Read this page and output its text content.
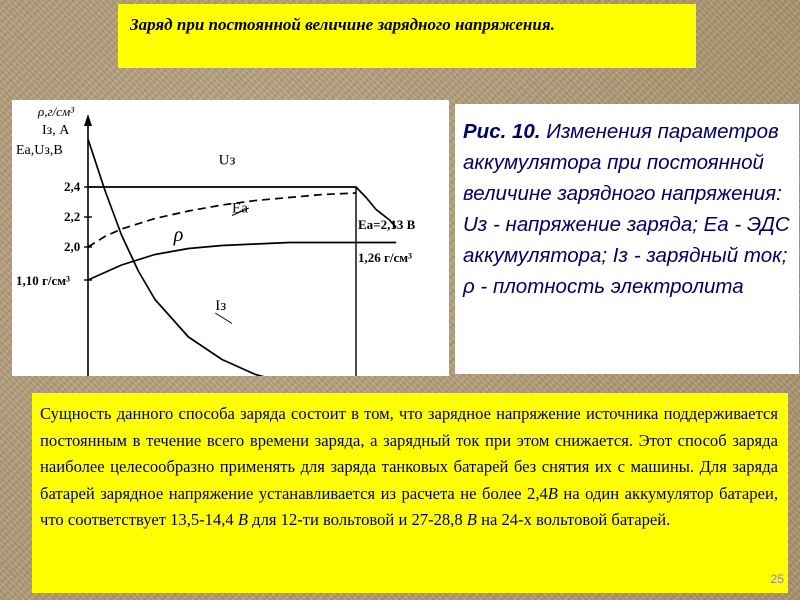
Заряд при постоянной величине зарядного напряжения.
ρ,г/см³
Iз, А
Eа,Uз,В
2,4
2,2
2,0
1,10 г/см³
Uз
Eа
ρ
Iз
Eа=2,13 В
1,26 г/см³
Рис. 10. Изменения параметров аккумулятора при постоянной величине зарядного напряжения:
Uз - напряжение заряда; Еа - ЭДС аккумулятора; Iз - зарядный ток;
ρ - плотность электролита
Сущность данного способа заряда состоит в том, что зарядное напряжение источника поддерживается постоянным в течение всего времени заряда, а зарядный ток при этом снижается. Этот способ заряда наиболее целесообразно применять для заряда танковых батарей без снятия их с машины. Для заряда батарей зарядное напряжение устанавливается из расчета не более 2,4В на один аккумулятор батареи, что соответствует 13,5-14,4 В для 12-ти вольтовой и 27-28,8 В на 24-х вольтовой батарей.
25
